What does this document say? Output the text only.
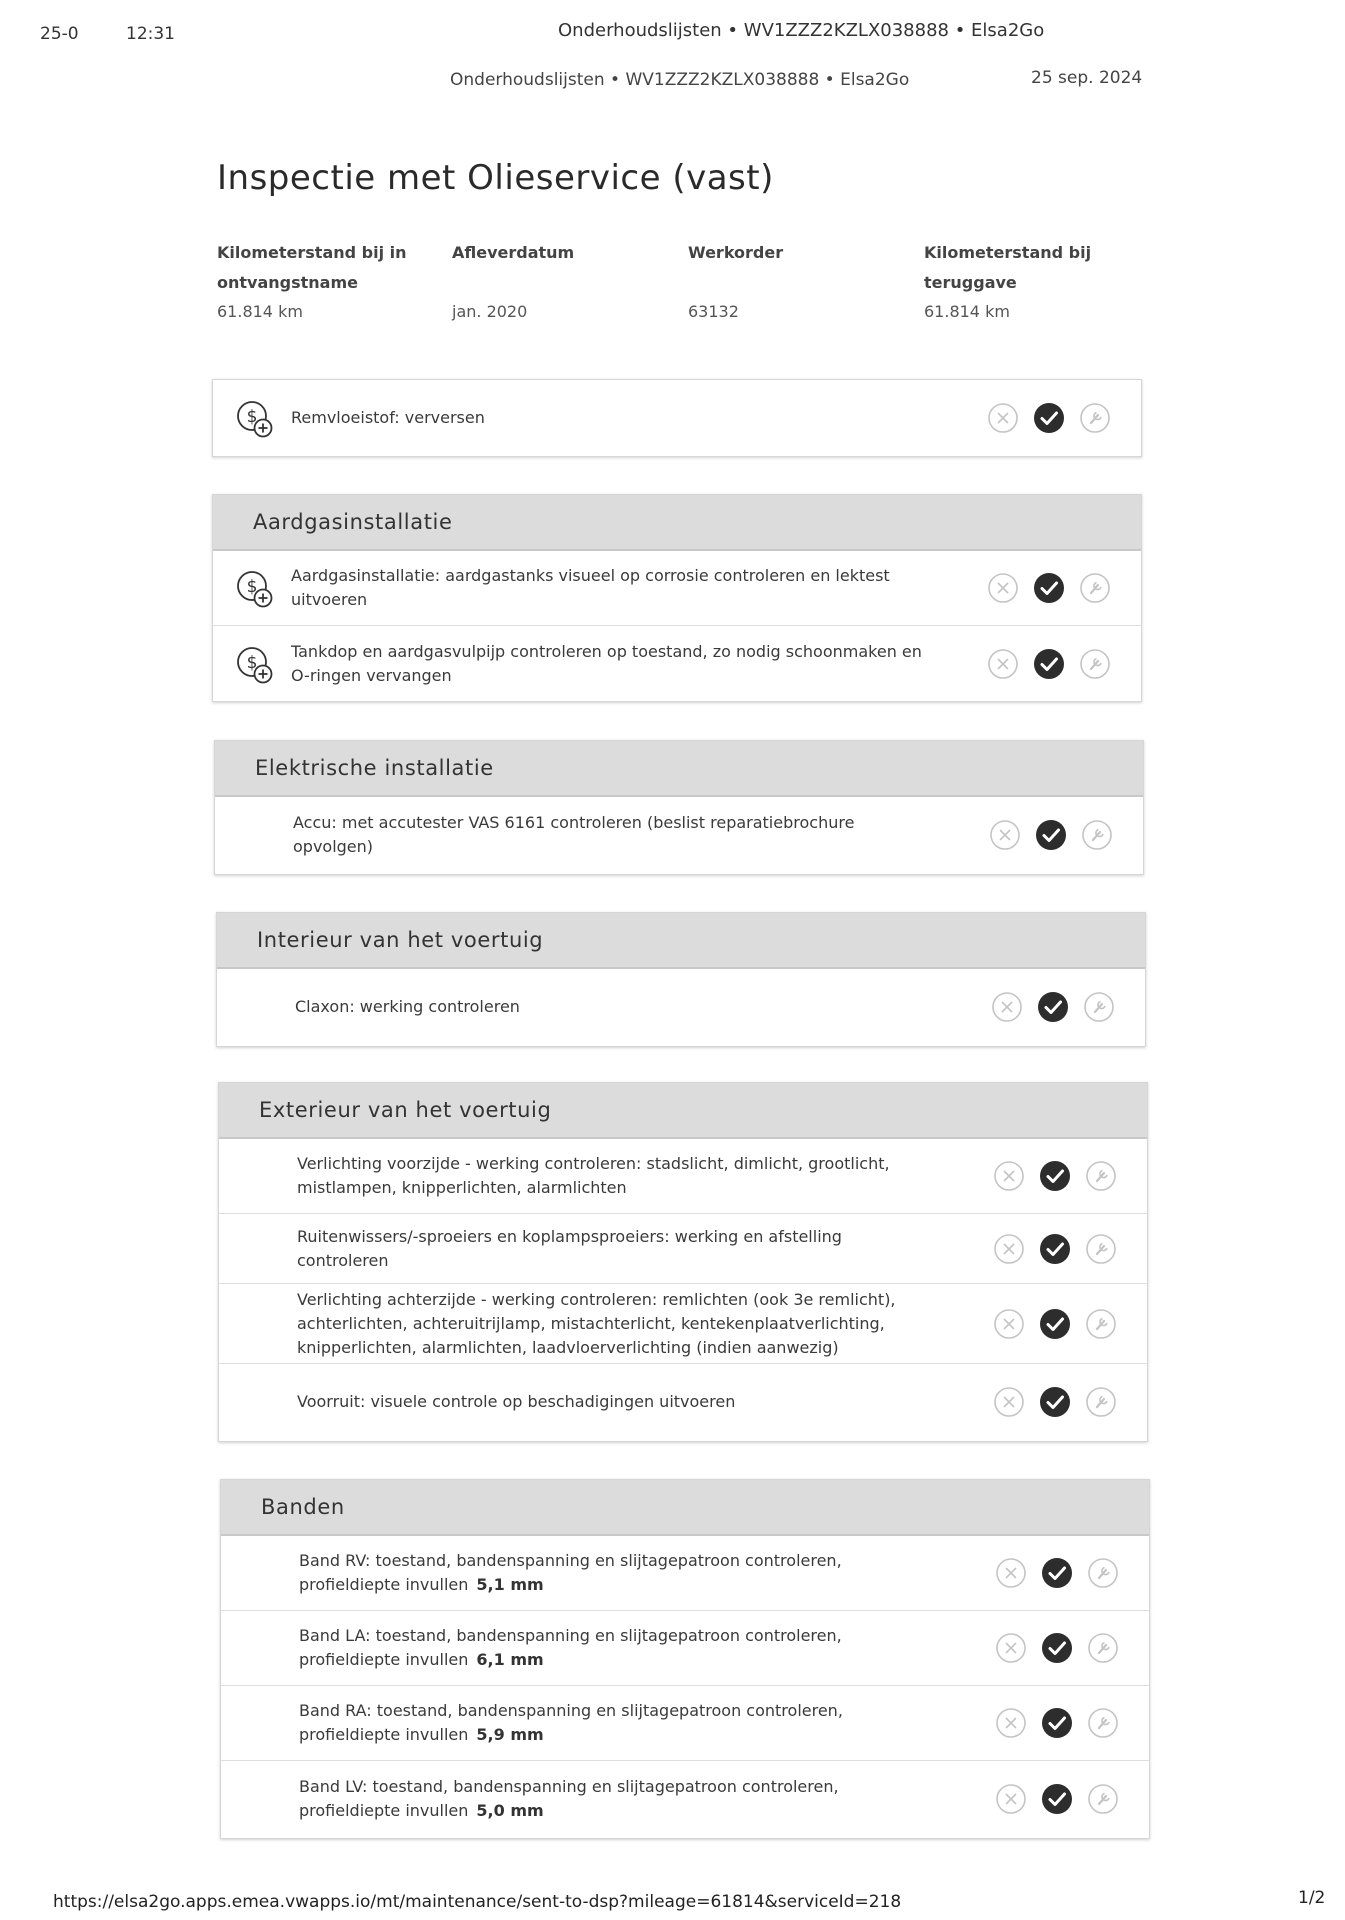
25-0	12:31	Onderhoudslijsten • WV1ZZZ2KZLX038888 • Elsa2Go
Onderhoudslijsten • WV1ZZZ2KZLX038888 • Elsa2Go	25 sep. 2024
Inspectie met Olieservice (vast)
Kilometerstand bij in ontvangstname
61.814 km
Afleverdatum
jan. 2020
Werkorder
63132
Kilometerstand bij teruggave
61.814 km
Remvloeistof: verversen
Aardgasinstallatie
Aardgasinstallatie: aardgastanks visueel op corrosie controleren en lektest uitvoeren
Tankdop en aardgasvulpijp controleren op toestand, zo nodig schoonmaken en O-ringen vervangen
Elektrische installatie
Accu: met accutester VAS 6161 controleren (beslist reparatiebrochure opvolgen)
Interieur van het voertuig
Claxon: werking controleren
Exterieur van het voertuig
Verlichting voorzijde - werking controleren: stadslicht, dimlicht, grootlicht, mistlampen, knipperlichten, alarmlichten
Ruitenwissers/-sproeiers en koplampsproeiers: werking en afstelling controleren
Verlichting achterzijde - werking controleren: remlichten (ook 3e remlicht), achterlichten, achteruitrijlamp, mistachterlicht, kentekenplaatverlichting, knipperlichten, alarmlichten, laadvloerverlichting (indien aanwezig)
Voorruit: visuele controle op beschadigingen uitvoeren
Banden
Band RV: toestand, bandenspanning en slijtagepatroon controleren, profieldiepte invullen 5,1 mm
Band LA: toestand, bandenspanning en slijtagepatroon controleren, profieldiepte invullen 6,1 mm
Band RA: toestand, bandenspanning en slijtagepatroon controleren, profieldiepte invullen 5,9 mm
Band LV: toestand, bandenspanning en slijtagepatroon controleren, profieldiepte invullen 5,0 mm
https://elsa2go.apps.emea.vwapps.io/mt/maintenance/sent-to-dsp?mileage=61814&serviceId=218	1/2
